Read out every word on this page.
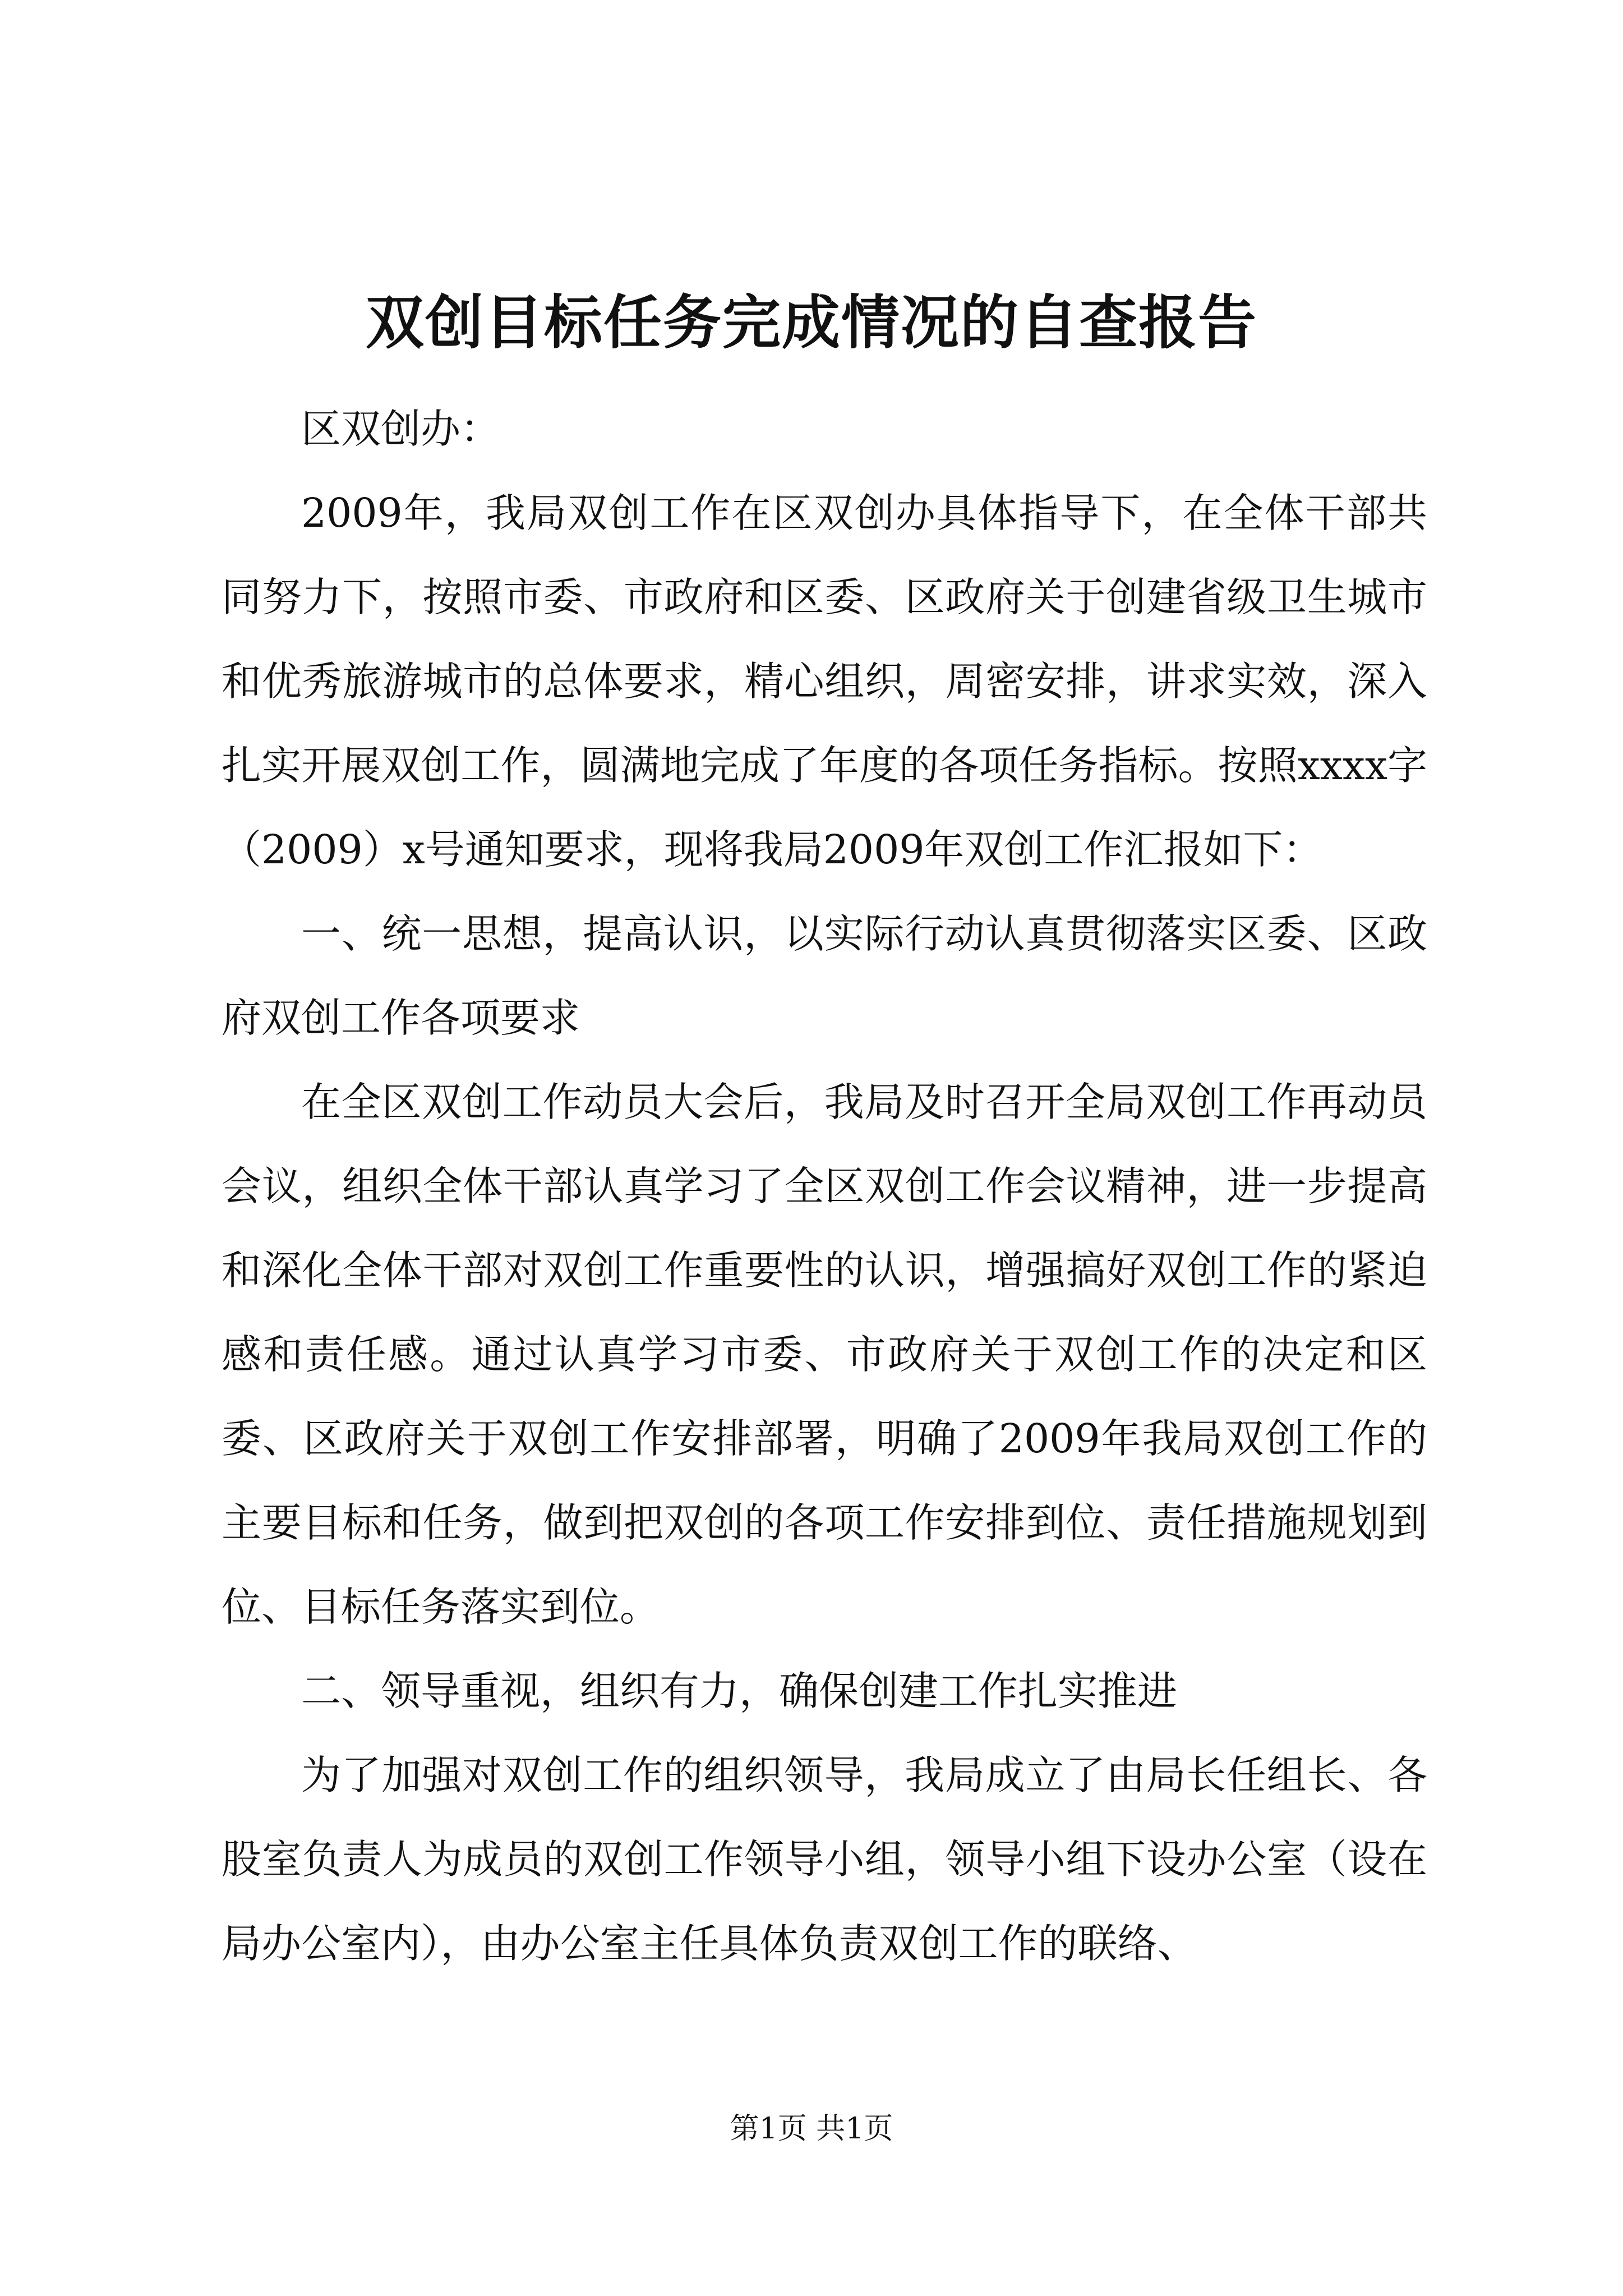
双创目标任务完成情况的自查报告

区双创办：

2009年，我局双创工作在区双创办具体指导下，在全体干部共同努力下，按照市委、市政府和区委、区政府关于创建省级卫生城市和优秀旅游城市的总体要求，精心组织，周密安排，讲求实效，深入扎实开展双创工作，圆满地完成了年度的各项任务指标。按照xxxx字（2009）x号通知要求，现将我局2009年双创工作汇报如下：

一、统一思想，提高认识，以实际行动认真贯彻落实区委、区政府双创工作各项要求

在全区双创工作动员大会后，我局及时召开全局双创工作再动员会议，组织全体干部认真学习了全区双创工作会议精神，进一步提高和深化全体干部对双创工作重要性的认识，增强搞好双创工作的紧迫感和责任感。通过认真学习市委、市政府关于双创工作的决定和区委、区政府关于双创工作安排部署，明确了2009年我局双创工作的主要目标和任务，做到把双创的各项工作安排到位、责任措施规划到位、目标任务落实到位。

二、领导重视，组织有力，确保创建工作扎实推进

为了加强对双创工作的组织领导，我局成立了由局长任组长、各股室负责人为成员的双创工作领导小组，领导小组下设办公室（设在局办公室内），由办公室主任具体负责双创工作的联络、

第1页 共1页
